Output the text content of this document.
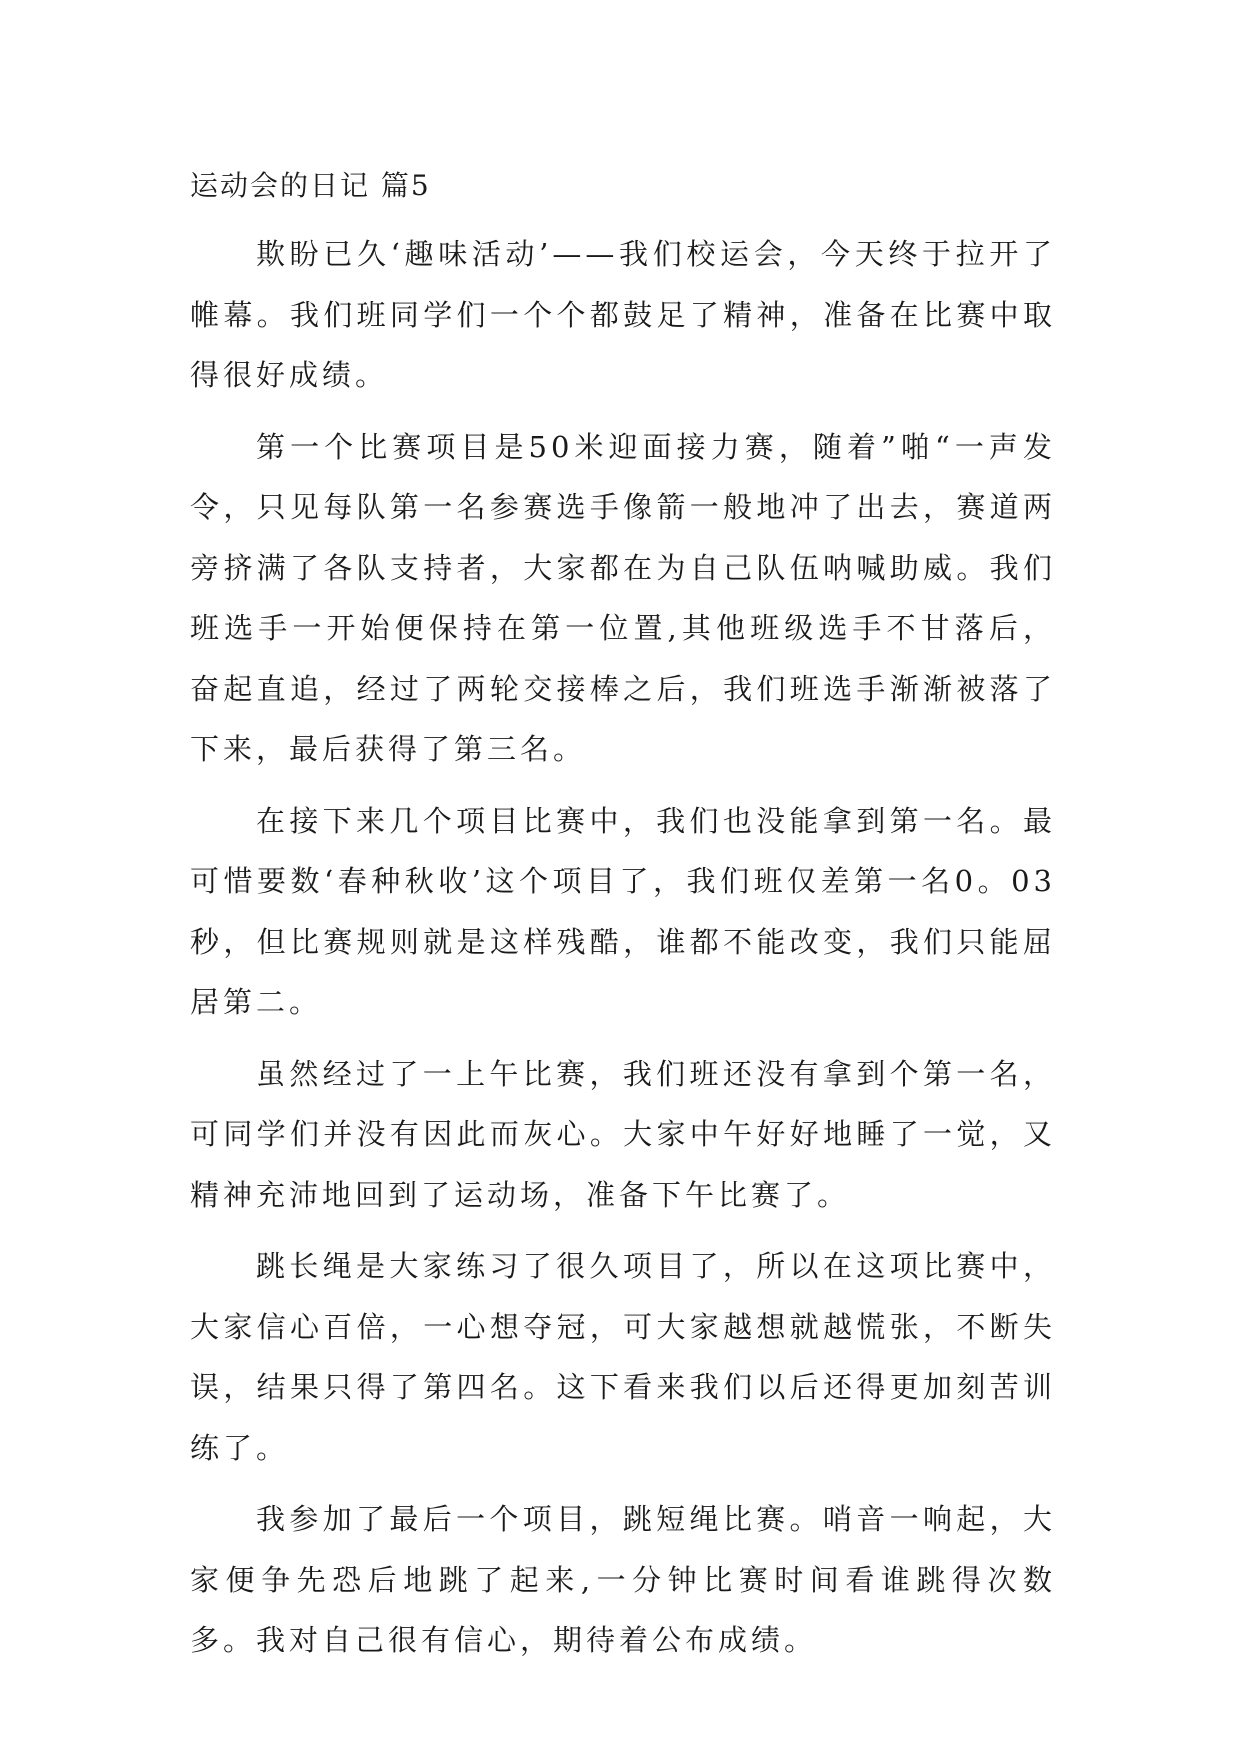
运动会的日记 篇5

欺盼已久‘趣味活动’——我们校运会，今天终于拉开了帷幕。我们班同学们一个个都鼓足了精神，准备在比赛中取得很好成绩。

第一个比赛项目是50米迎面接力赛，随着”啪“一声发令，只见每队第一名参赛选手像箭一般地冲了出去，赛道两旁挤满了各队支持者，大家都在为自己队伍呐喊助威。我们班选手一开始便保持在第一位置,其他班级选手不甘落后，奋起直追，经过了两轮交接棒之后，我们班选手渐渐被落了下来，最后获得了第三名。

在接下来几个项目比赛中，我们也没能拿到第一名。最可惜要数‘春种秋收’这个项目了，我们班仅差第一名0。03秒，但比赛规则就是这样残酷，谁都不能改变，我们只能屈居第二。

虽然经过了一上午比赛，我们班还没有拿到个第一名，可同学们并没有因此而灰心。大家中午好好地睡了一觉，又精神充沛地回到了运动场，准备下午比赛了。

跳长绳是大家练习了很久项目了，所以在这项比赛中，大家信心百倍，一心想夺冠，可大家越想就越慌张，不断失误，结果只得了第四名。这下看来我们以后还得更加刻苦训练了。

我参加了最后一个项目，跳短绳比赛。哨音一响起，大家便争先恐后地跳了起来,一分钟比赛时间看谁跳得次数多。我对自己很有信心，期待着公布成绩。
